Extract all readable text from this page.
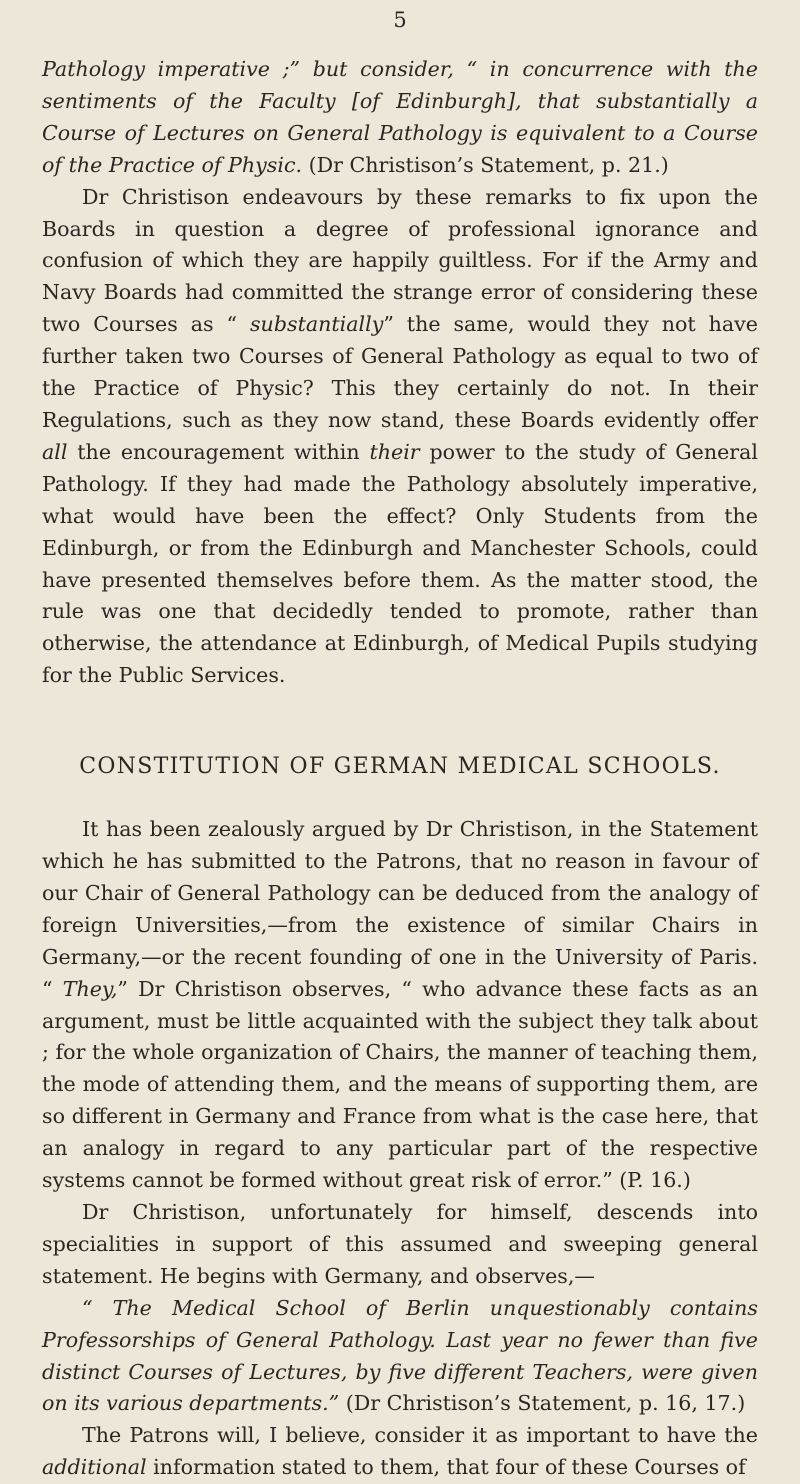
5

Pathology imperative ;” but consider, “ in concurrence with the sentiments of the Faculty [of Edinburgh], that substantially a Course of Lectures on General Pathology is equivalent to a Course of the Practice of Physic. (Dr Christison’s Statement, p. 21.)

Dr Christison endeavours by these remarks to fix upon the Boards in question a degree of professional ignorance and confusion of which they are happily guiltless. For if the Army and Navy Boards had committed the strange error of considering these two Courses as “ substantially” the same, would they not have further taken two Courses of General Pathology as equal to two of the Practice of Physic? This they certainly do not. In their Regulations, such as they now stand, these Boards evidently offer all the encouragement within their power to the study of General Pathology. If they had made the Pathology absolutely imperative, what would have been the effect? Only Students from the Edinburgh, or from the Edinburgh and Manchester Schools, could have presented themselves before them. As the matter stood, the rule was one that decidedly tended to promote, rather than otherwise, the attendance at Edinburgh, of Medical Pupils studying for the Public Services.

CONSTITUTION OF GERMAN MEDICAL SCHOOLS.

It has been zealously argued by Dr Christison, in the Statement which he has submitted to the Patrons, that no reason in favour of our Chair of General Pathology can be deduced from the analogy of foreign Universities,—from the existence of similar Chairs in Germany,—or the recent founding of one in the University of Paris. “ They,” Dr Christison observes, “ who advance these facts as an argument, must be little acquainted with the subject they talk about ; for the whole organization of Chairs, the manner of teaching them, the mode of attending them, and the means of supporting them, are so different in Germany and France from what is the case here, that an analogy in regard to any particular part of the respective systems cannot be formed without great risk of error.” (P. 16.)

Dr Christison, unfortunately for himself, descends into specialities in support of this assumed and sweeping general statement. He begins with Germany, and observes,—

“ The Medical School of Berlin unquestionably contains Professorships of General Pathology. Last year no fewer than five distinct Courses of Lectures, by five different Teachers, were given on its various departments.” (Dr Christison’s Statement, p. 16, 17.)

The Patrons will, I believe, consider it as important to have the additional information stated to them, that four of these Courses of
